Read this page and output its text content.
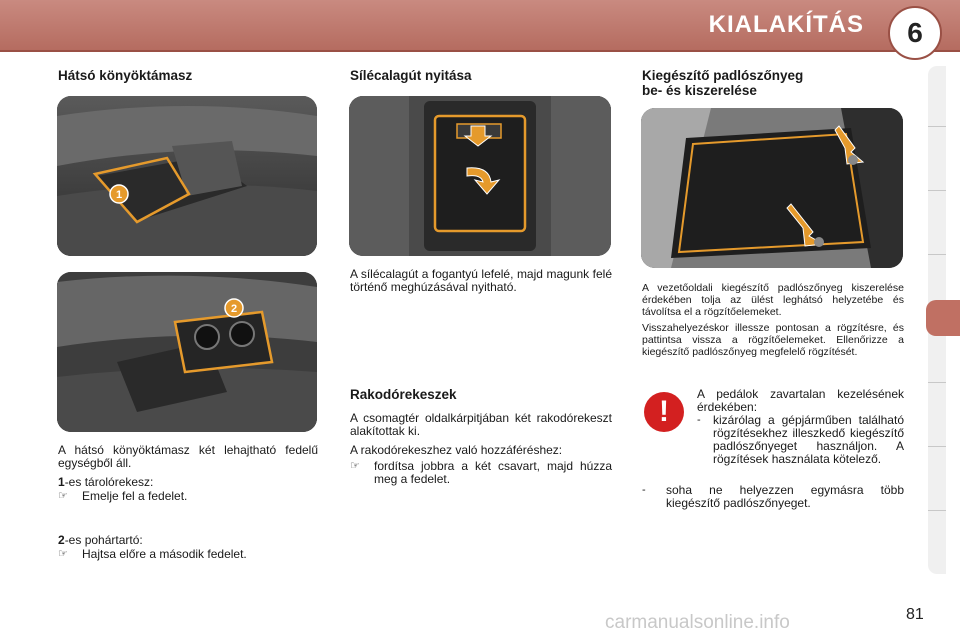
KIALAKÍTÁS	6
Hátsó könyöktámasz
1
2

A hátsó könyöktámasz két lehajtható fedelű egységből áll.

1-es tárolórekesz:

☞	Emelje fel a fedelet.

2-es pohártartó:

☞	Hajtsa előre a második fedelet.
Sílécalagút nyitása

A sílécalagút a fogantyú lefelé, majd magunk felé történő meghúzásával nyitható.

Rakodórekeszek

A csomagtér oldalkárpitjában két rakodórekeszt alakítottak ki.

A rakodórekeszhez való hozzáféréshez:

☞	fordítsa jobbra a két csavart, majd húzza meg a fedelet.
Kiegészítő padlószőnyeg
be- és kiszerelése

A vezetőoldali kiegészítő padlószőnyeg kiszerelése érdekében tolja az ülést leghátsó helyzetébe és távolítsa el a rögzítőelemeket.

Visszahelyezéskor illessze pontosan a rögzítésre, és pattintsa vissza a rögzítőelemeket. Ellenőrizze a kiegészítő padlószőnyeg megfelelő rögzítését.

!

A pedálok zavartalan kezelésének érdekében:

-	kizárólag a gépjárműben található rögzítésekhez illeszkedő kiegészítő padlószőnyeget használjon. A rögzítések használata kötelező.
-	soha ne helyezzen egymásra több kiegészítő padlószőnyeget.
carmanualsonline.info	81
